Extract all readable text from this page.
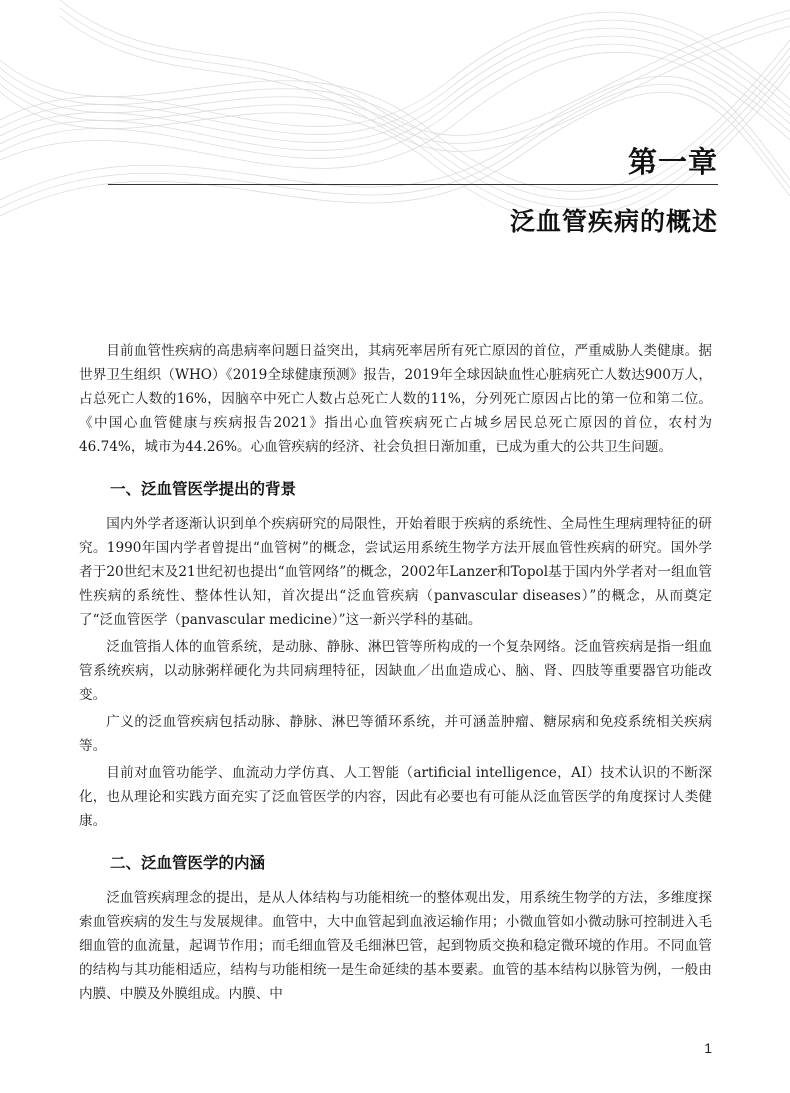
第一章
泛血管疾病的概述

目前血管性疾病的高患病率问题日益突出，其病死率居所有死亡原因的首位，严重威胁人类健康。据世界卫生组织（WHO）《2019全球健康预测》报告，2019年全球因缺血性心脏病死亡人数达900万人，占总死亡人数的16%，因脑卒中死亡人数占总死亡人数的11%，分列死亡原因占比的第一位和第二位。《中国心血管健康与疾病报告2021》指出心血管疾病死亡占城乡居民总死亡原因的首位，农村为46.74%，城市为44.26%。心血管疾病的经济、社会负担日渐加重，已成为重大的公共卫生问题。

一、泛血管医学提出的背景

国内外学者逐渐认识到单个疾病研究的局限性，开始着眼于疾病的系统性、全局性生理病理特征的研究。1990年国内学者曾提出“血管树”的概念，尝试运用系统生物学方法开展血管性疾病的研究。国外学者于20世纪末及21世纪初也提出“血管网络”的概念，2002年Lanzer和Topol基于国内外学者对一组血管性疾病的系统性、整体性认知，首次提出“泛血管疾病（panvascular diseases）”的概念，从而奠定了“泛血管医学（panvascular medicine）”这一新兴学科的基础。

泛血管指人体的血管系统，是动脉、静脉、淋巴管等所构成的一个复杂网络。泛血管疾病是指一组血管系统疾病，以动脉粥样硬化为共同病理特征，因缺血／出血造成心、脑、肾、四肢等重要器官功能改变。

广义的泛血管疾病包括动脉、静脉、淋巴等循环系统，并可涵盖肿瘤、糖尿病和免疫系统相关疾病等。

目前对血管功能学、血流动力学仿真、人工智能（artificial intelligence，AI）技术认识的不断深化，也从理论和实践方面充实了泛血管医学的内容，因此有必要也有可能从泛血管医学的角度探讨人类健康。

二、泛血管医学的内涵

泛血管疾病理念的提出，是从人体结构与功能相统一的整体观出发，用系统生物学的方法，多维度探索血管疾病的发生与发展规律。血管中，大中血管起到血液运输作用；小微血管如小微动脉可控制进入毛细血管的血流量，起调节作用；而毛细血管及毛细淋巴管，起到物质交换和稳定微环境的作用。不同血管的结构与其功能相适应，结构与功能相统一是生命延续的基本要素。血管的基本结构以脉管为例，一般由内膜、中膜及外膜组成。内膜、中

1
